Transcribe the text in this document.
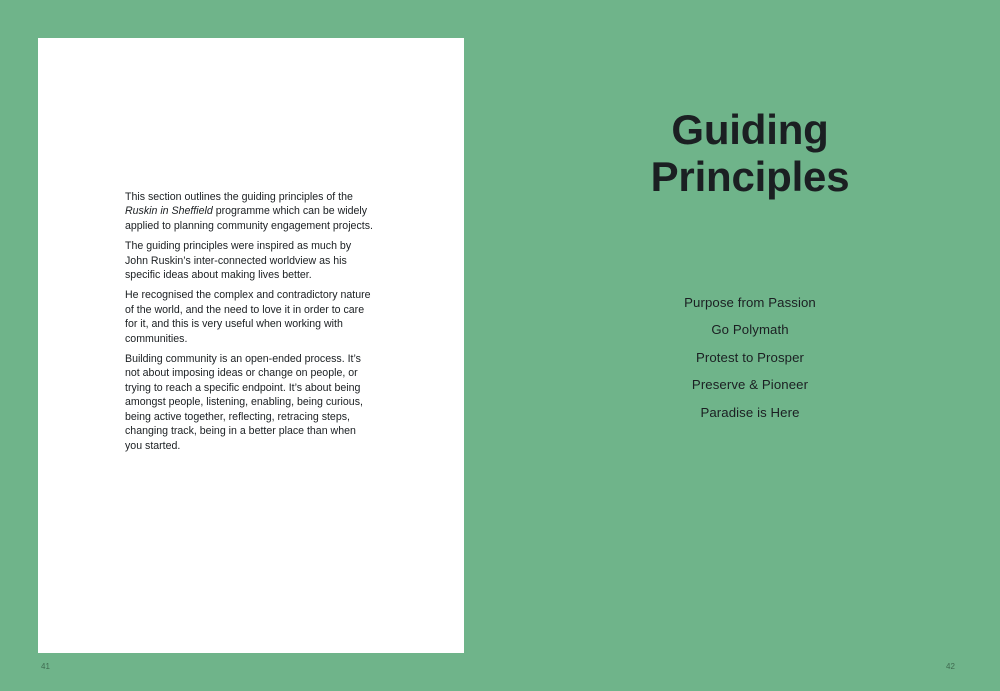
This section outlines the guiding principles of the Ruskin in Sheffield programme which can be widely applied to planning community engagement projects.

The guiding principles were inspired as much by John Ruskin’s inter-connected worldview as his specific ideas about making lives better.

He recognised the complex and contradictory nature of the world, and the need to love it in order to care for it, and this is very useful when working with communities.

Building community is an open-ended process. It’s not about imposing ideas or change on people, or trying to reach a specific endpoint. It’s about being amongst people, listening, enabling, being curious, being active together, reflecting, retracing steps, changing track, being in a better place than when you started.

Guiding
Principles
Purpose from Passion
Go Polymath
Protest to Prosper
Preserve & Pioneer
Paradise is Here
41	42
